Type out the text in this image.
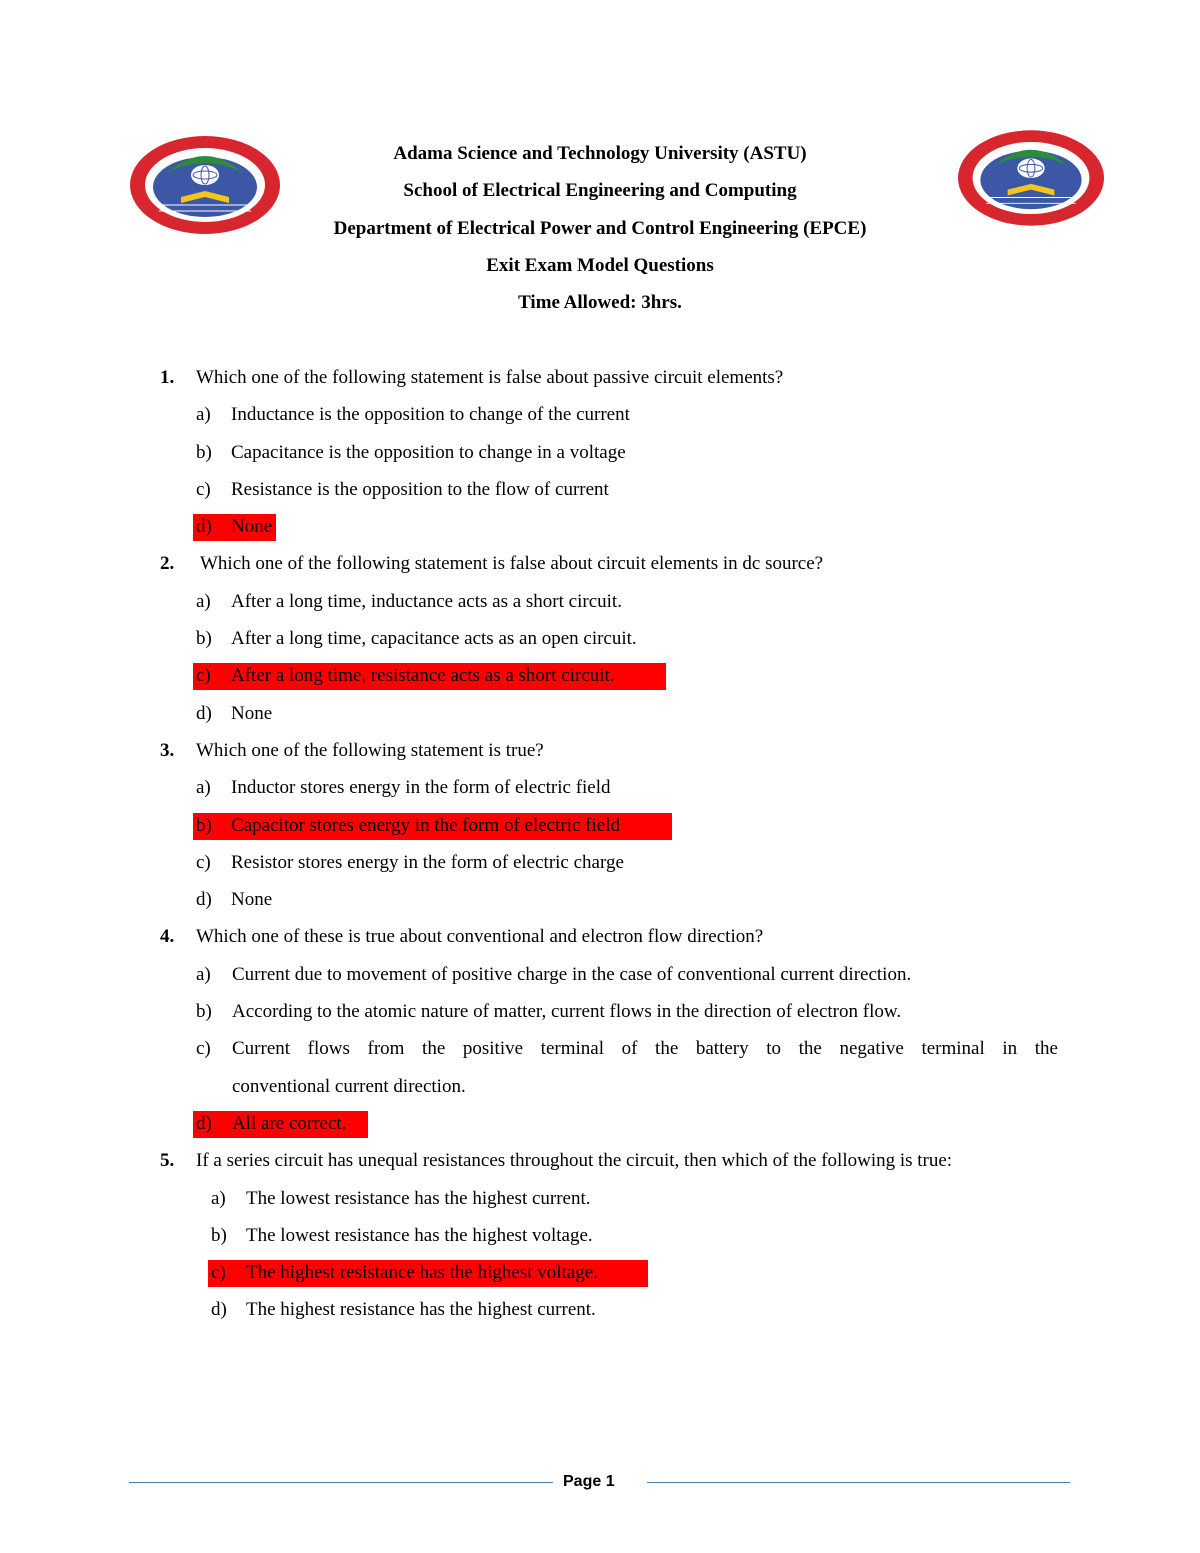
Adama Science and Technology University (ASTU)
School of Electrical Engineering and Computing
Department of Electrical Power and Control Engineering (EPCE)
Exit Exam Model Questions
Time Allowed: 3hrs.
1. Which one of the following statement is false about passive circuit elements?
a) Inductance is the opposition to change of the current
b) Capacitance is the opposition to change in a voltage
c) Resistance is the opposition to the flow of current
d) None
2. Which one of the following statement is false about circuit elements in dc source?
a) After a long time, inductance acts as a short circuit.
b) After a long time, capacitance acts as an open circuit.
c) After a long time, resistance acts as a short circuit.
d) None
3. Which one of the following statement is true?
a) Inductor stores energy in the form of electric field
b) Capacitor stores energy in the form of electric field
c) Resistor stores energy in the form of electric charge
d) None
4. Which one of these is true about conventional and electron flow direction?
a) Current due to movement of positive charge in the case of conventional current direction.
b) According to the atomic nature of matter, current flows in the direction of electron flow.
c) Current flows from the positive terminal of the battery to the negative terminal in the
conventional current direction.
d) All are correct.
5. If a series circuit has unequal resistances throughout the circuit, then which of the following is true:
a) The lowest resistance has the highest current.
b) The lowest resistance has the highest voltage.
c) The highest resistance has the highest voltage.
d) The highest resistance has the highest current.
Page 1
